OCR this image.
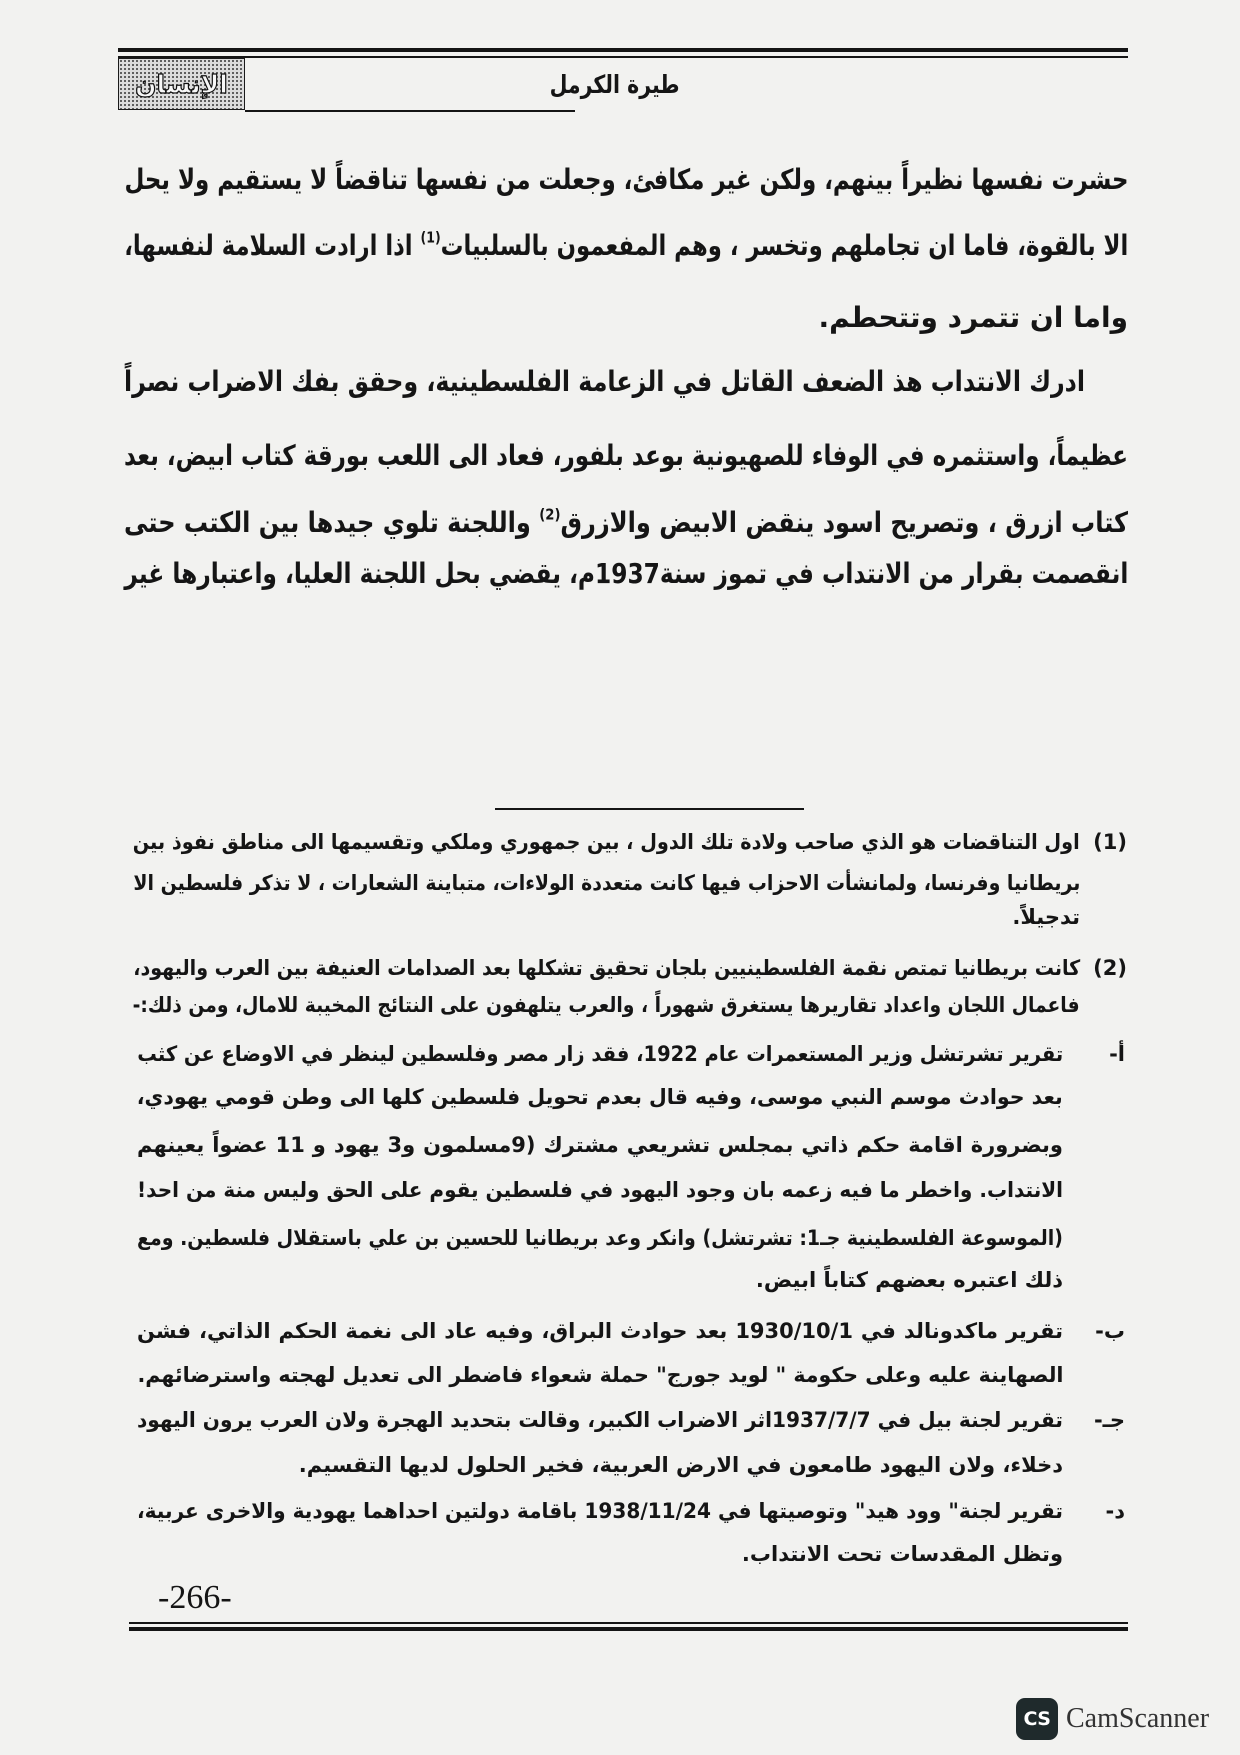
الإنسان	طيرة الكرمل
حشرت نفسها نظيراً بينهم، ولكن غير مكافئ، وجعلت من نفسها تناقضاً لا يستقيم ولا يحل
الا بالقوة، فاما ان تجاملهم وتخسر ، وهم المفعمون بالسلبيات$^{(1)}$ اذا ارادت السلامة لنفسها،
واما ان تتمرد وتتحطم.
ادرك الانتداب هذ الضعف القاتل في الزعامة الفلسطينية، وحقق بفك الاضراب نصراً
عظيماً، واستثمره في الوفاء للصهيونية بوعد بلفور، فعاد الى اللعب بورقة كتاب ابيض، بعد
كتاب ازرق ، وتصريح اسود ينقض الابيض والازرق$^{(2)}$ واللجنة تلوي جيدها بين الكتب حتى
انقصمت بقرار من الانتداب في تموز سنة1937م، يقضي بحل اللجنة العليا، واعتبارها غير
(1)
اول التناقضات هو الذي صاحب ولادة تلك الدول ، بين جمهوري وملكي وتقسيمها الى مناطق نفوذ بين
بريطانيا وفرنسا، ولمانشأت الاحزاب فيها كانت متعددة الولاءات، متباينة الشعارات ، لا تذكر فلسطين الا
تدجيلاً.
(2)
كانت بريطانيا تمتص نقمة الفلسطينيين بلجان تحقيق تشكلها بعد الصدامات العنيفة بين العرب واليهود،
فاعمال اللجان واعداد تقاريرها يستغرق شهوراً ، والعرب يتلهفون على النتائج المخيبة للامال، ومن ذلك:-
أ-
تقرير تشرتشل وزير المستعمرات عام 1922، فقد زار مصر وفلسطين لينظر في الاوضاع عن كثب
بعد حوادث موسم النبي موسى، وفيه قال بعدم تحويل فلسطين كلها الى وطن قومي يهودي،
وبضرورة اقامة حكم ذاتي بمجلس تشريعي مشترك (9مسلمون و3 يهود و 11 عضواً يعينهم
الانتداب. واخطر ما فيه زعمه بان وجود اليهود في فلسطين يقوم على الحق وليس منة من احد!
(الموسوعة الفلسطينية جـ1: تشرتشل) وانكر وعد بريطانيا للحسين بن علي باستقلال فلسطين. ومع
ذلك اعتبره بعضهم كتاباً ابيض.
ب-
تقرير ماكدونالد في 1930/10/1 بعد حوادث البراق، وفيه عاد الى نغمة الحكم الذاتي، فشن
الصهاينة عليه وعلى حكومة " لويد جورج" حملة شعواء فاضطر الى تعديل لهجته واسترضائهم.
جـ-
تقرير لجنة بيل في 1937/7/7اثر الاضراب الكبير، وقالت بتحديد الهجرة ولان العرب يرون اليهود
دخلاء، ولان اليهود طامعون في الارض العربية، فخير الحلول لديها التقسيم.
د-
تقرير لجنة" وود هيد" وتوصيتها في 1938/11/24 باقامة دولتين احداهما يهودية والاخرى عربية،
وتظل المقدسات تحت الانتداب.
-266-
CS CamScanner
